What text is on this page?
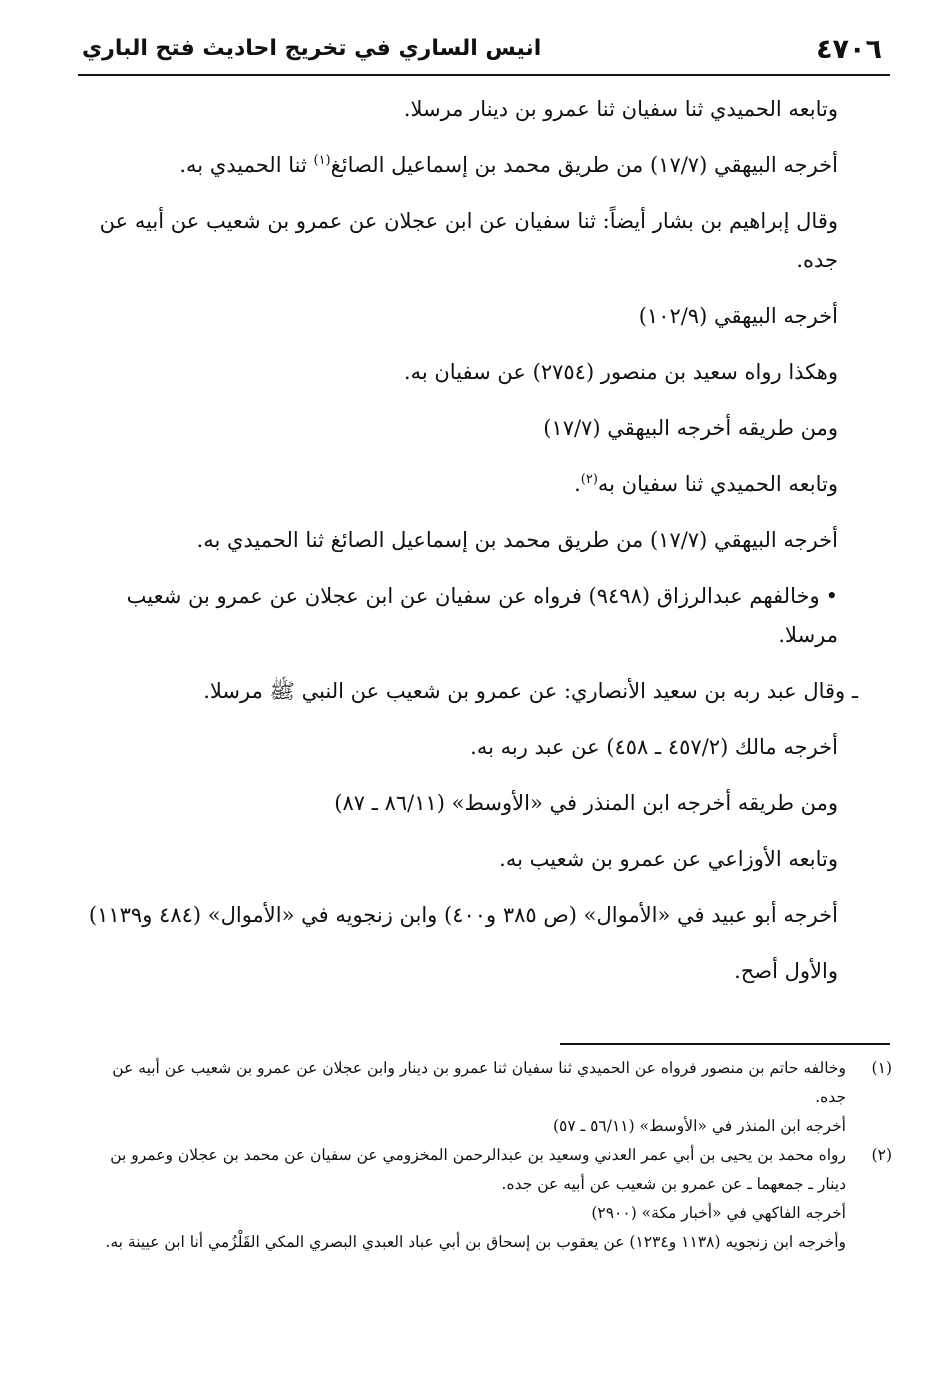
٤٧٠٦
انيس الساري في تخريج احاديث فتح الباري

وتابعه الحميدي ثنا سفيان ثنا عمرو بن دينار مرسلا.

أخرجه البيهقي (١٧/٧) من طريق محمد بن إسماعيل الصائغ$^{(١)}$ ثنا الحميدي به.

وقال إبراهيم بن بشار أيضاً: ثنا سفيان عن ابن عجلان عن عمرو بن شعيب عن أبيه عن جده.

أخرجه البيهقي (١٠٢/٩)

وهكذا رواه سعيد بن منصور (٢٧٥٤) عن سفيان به.

ومن طريقه أخرجه البيهقي (١٧/٧)

وتابعه الحميدي ثنا سفيان به$^{(٢)}$.

أخرجه البيهقي (١٧/٧) من طريق محمد بن إسماعيل الصائغ ثنا الحميدي به.

•وخالفهم عبدالرزاق (٩٤٩٨) فرواه عن سفيان عن ابن عجلان عن عمرو بن شعيب مرسلا.

ـ وقال عبد ربه بن سعيد الأنصاري: عن عمرو بن شعيب عن النبي ﷺ مرسلا.

أخرجه مالك (٤٥٧/٢ ـ ٤٥٨) عن عبد ربه به.

ومن طريقه أخرجه ابن المنذر في «الأوسط» (٨٦/١١ ـ ٨٧)

وتابعه الأوزاعي عن عمرو بن شعيب به.

أخرجه أبو عبيد في «الأموال» (ص ٣٨٥ و٤٠٠) وابن زنجويه في «الأموال» (٤٨٤ و١١٣٩)

والأول أصح.

(١)
وخالفه حاتم بن منصور فرواه عن الحميدي ثنا سفيان ثنا عمرو بن دينار وابن عجلان عن عمرو بن شعيب عن أبيه عن جده.
أخرجه ابن المنذر في «الأوسط» (٥٦/١١ ـ ٥٧)
(٢)
رواه محمد بن يحيى بن أبي عمر العدني وسعيد بن عبدالرحمن المخزومي عن سفيان عن محمد بن عجلان وعمرو بن دينار ـ جمعهما ـ عن عمرو بن شعيب عن أبيه عن جده.
أخرجه الفاكهي في «أخبار مكة» (٢٩٠٠)
وأخرجه ابن زنجويه (١١٣٨ و١٢٣٤) عن يعقوب بن إسحاق بن أبي عباد العبدي البصري المكي القَلْزُمي أنا ابن عيينة به.
